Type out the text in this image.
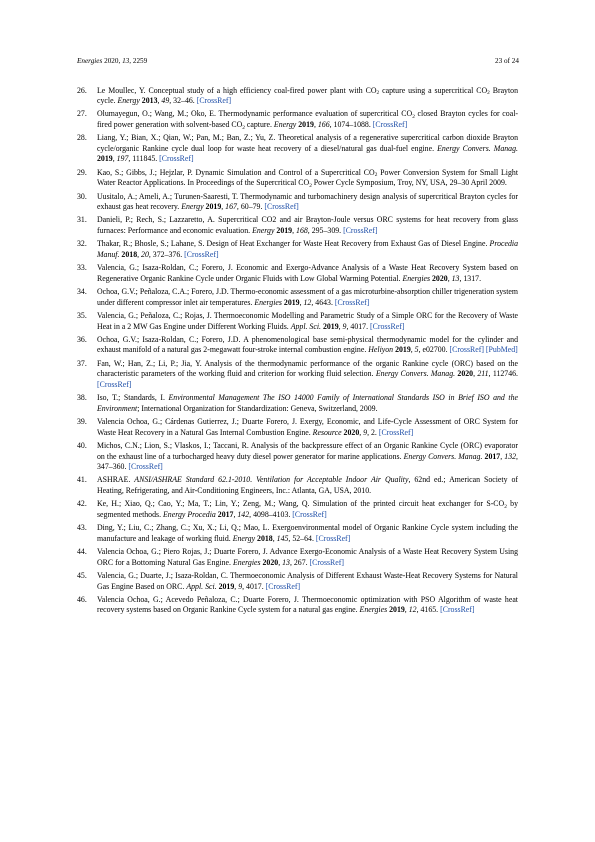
Energies 2020, 13, 2259	23 of 24
26.	Le Moullec, Y. Conceptual study of a high efficiency coal-fired power plant with $CO_2$ capture using a supercritical $CO_2$ Brayton cycle. Energy 2013, 49, 32–46. [CrossRef]
27.	Olumayegun, O.; Wang, M.; Oko, E. Thermodynamic performance evaluation of supercritical $CO_2$ closed Brayton cycles for coal-fired power generation with solvent-based $CO_2$ capture. Energy 2019, 166, 1074–1088. [CrossRef]
28.	Liang, Y.; Bian, X.; Qian, W.; Pan, M.; Ban, Z.; Yu, Z. Theoretical analysis of a regenerative supercritical carbon dioxide Brayton cycle/organic Rankine cycle dual loop for waste heat recovery of a diesel/natural gas dual-fuel engine. Energy Convers. Manag. 2019, 197, 111845. [CrossRef]
29.	Kao, S.; Gibbs, J.; Hejzlar, P. Dynamic Simulation and Control of a Supercritical $CO_2$ Power Conversion System for Small Light Water Reactor Applications. In Proceedings of the Supercritical $CO_2$ Power Cycle Symposium, Troy, NY, USA, 29–30 April 2009.
30.	Uusitalo, A.; Ameli, A.; Turunen-Saaresti, T. Thermodynamic and turbomachinery design analysis of supercritical Brayton cycles for exhaust gas heat recovery. Energy 2019, 167, 60–79. [CrossRef]
31.	Danieli, P.; Rech, S.; Lazzaretto, A. Supercritical CO2 and air Brayton-Joule versus ORC systems for heat recovery from glass furnaces: Performance and economic evaluation. Energy 2019, 168, 295–309. [CrossRef]
32.	Thakar, R.; Bhosle, S.; Lahane, S. Design of Heat Exchanger for Waste Heat Recovery from Exhaust Gas of Diesel Engine. Procedia Manuf. 2018, 20, 372–376. [CrossRef]
33.	Valencia, G.; Isaza-Roldan, C.; Forero, J. Economic and Exergo-Advance Analysis of a Waste Heat Recovery System based on Regenerative Organic Rankine Cycle under Organic Fluids with Low Global Warming Potential. Energies 2020, 13, 1317.
34.	Ochoa, G.V.; Peñaloza, C.A.; Forero, J.D. Thermo-economic assessment of a gas microturbine-absorption chiller trigeneration system under different compressor inlet air temperatures. Energies 2019, 12, 4643. [CrossRef]
35.	Valencia, G.; Peñaloza, C.; Rojas, J. Thermoeconomic Modelling and Parametric Study of a Simple ORC for the Recovery of Waste Heat in a 2 MW Gas Engine under Different Working Fluids. Appl. Sci. 2019, 9, 4017. [CrossRef]
36.	Ochoa, G.V.; Isaza-Roldan, C.; Forero, J.D. A phenomenological base semi-physical thermodynamic model for the cylinder and exhaust manifold of a natural gas 2-megawatt four-stroke internal combustion engine. Heliyon 2019, 5, e02700. [CrossRef] [PubMed]
37.	Fan, W.; Han, Z.; Li, P.; Jia, Y. Analysis of the thermodynamic performance of the organic Rankine cycle (ORC) based on the characteristic parameters of the working fluid and criterion for working fluid selection. Energy Convers. Manag. 2020, 211, 112746. [CrossRef]
38.	Iso, T.; Standards, I. Environmental Management The ISO 14000 Family of International Standards ISO in Brief ISO and the Environment; International Organization for Standardization: Geneva, Switzerland, 2009.
39.	Valencia Ochoa, G.; Cárdenas Gutierrez, J.; Duarte Forero, J. Exergy, Economic, and Life-Cycle Assessment of ORC System for Waste Heat Recovery in a Natural Gas Internal Combustion Engine. Resource 2020, 9, 2. [CrossRef]
40.	Michos, C.N.; Lion, S.; Vlaskos, I.; Taccani, R. Analysis of the backpressure effect of an Organic Rankine Cycle (ORC) evaporator on the exhaust line of a turbocharged heavy duty diesel power generator for marine applications. Energy Convers. Manag. 2017, 132, 347–360. [CrossRef]
41.	ASHRAE. ANSI/ASHRAE Standard 62.1-2010. Ventilation for Acceptable Indoor Air Quality, 62nd ed.; American Society of Heating, Refrigerating, and Air-Conditioning Engineers, Inc.: Atlanta, GA, USA, 2010.
42.	Ke, H.; Xiao, Q.; Cao, Y.; Ma, T.; Lin, Y.; Zeng, M.; Wang, Q. Simulation of the printed circuit heat exchanger for $S-CO_2$ by segmented methods. Energy Procedia 2017, 142, 4098–4103. [CrossRef]
43.	Ding, Y.; Liu, C.; Zhang, C.; Xu, X.; Li, Q.; Mao, L. Exergoenvironmental model of Organic Rankine Cycle system including the manufacture and leakage of working fluid. Energy 2018, 145, 52–64. [CrossRef]
44.	Valencia Ochoa, G.; Piero Rojas, J.; Duarte Forero, J. Advance Exergo-Economic Analysis of a Waste Heat Recovery System Using ORC for a Bottoming Natural Gas Engine. Energies 2020, 13, 267. [CrossRef]
45.	Valencia, G.; Duarte, J.; Isaza-Roldan, C. Thermoeconomic Analysis of Different Exhaust Waste-Heat Recovery Systems for Natural Gas Engine Based on ORC. Appl. Sci. 2019, 9, 4017. [CrossRef]
46.	Valencia Ochoa, G.; Acevedo Peñaloza, C.; Duarte Forero, J. Thermoeconomic optimization with PSO Algorithm of waste heat recovery systems based on Organic Rankine Cycle system for a natural gas engine. Energies 2019, 12, 4165. [CrossRef]
